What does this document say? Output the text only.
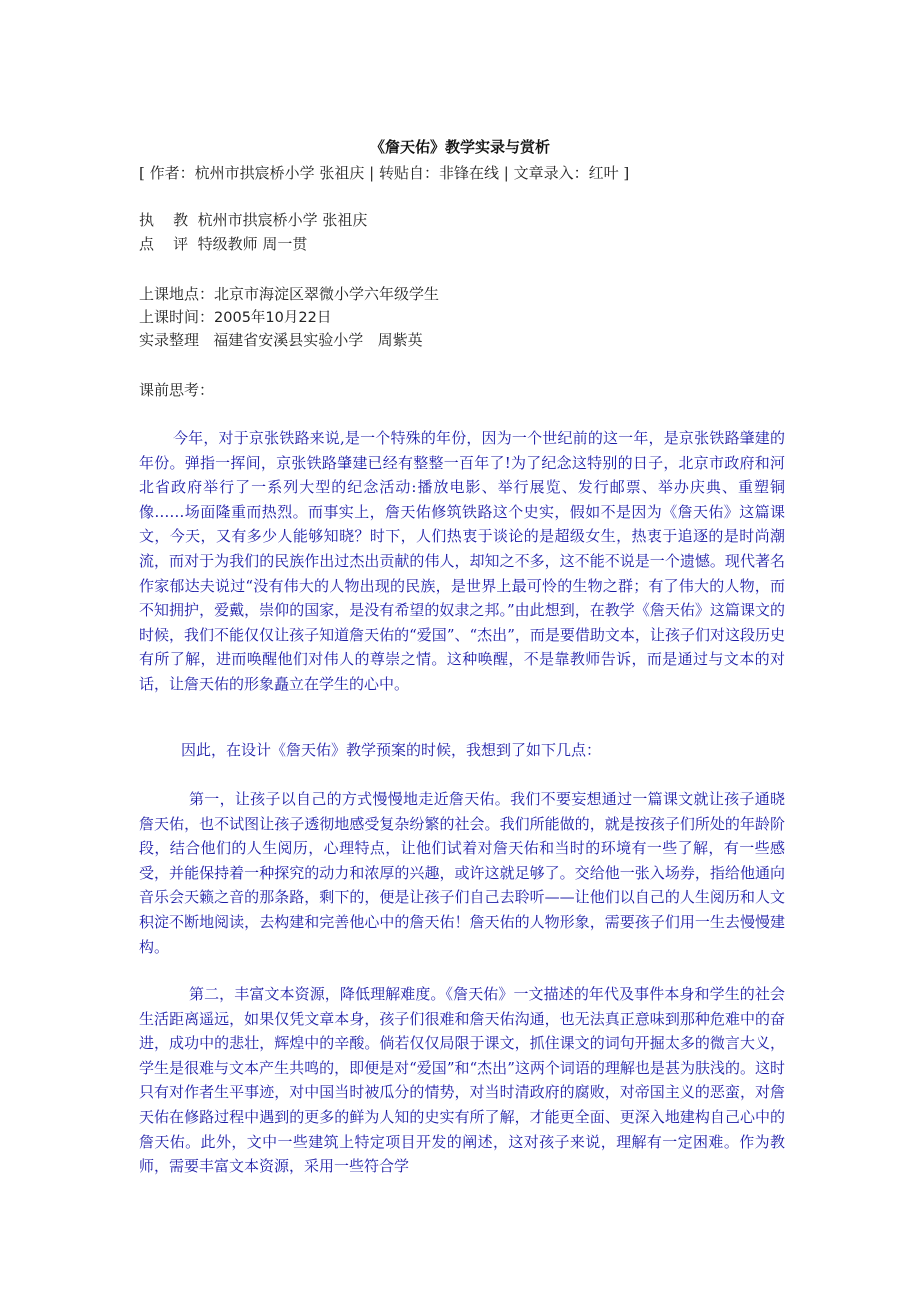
《詹天佑》教学实录与赏析
[ 作者：杭州市拱宸桥小学 张祖庆 | 转贴自：非锋在线 | 文章录入：红叶 ]
执    教 杭州市拱宸桥小学 张祖庆
点    评 特级教师 周一贯
上课地点：北京市海淀区翠微小学六年级学生
上课时间：2005年10月22日
实录整理   福建省安溪县实验小学   周紫英
课前思考：

今年，对于京张铁路来说,是一个特殊的年份，因为一个世纪前的这一年，是京张铁路肇建的年份。弹指一挥间，京张铁路肇建已经有整整一百年了!为了纪念这特别的日子，北京市政府和河北省政府举行了一系列大型的纪念活动:播放电影、举行展览、发行邮票、举办庆典、重塑铜像……场面隆重而热烈。而事实上，詹天佑修筑铁路这个史实，假如不是因为《詹天佑》这篇课文，今天，又有多少人能够知晓？时下，人们热衷于谈论的是超级女生，热衷于追逐的是时尚潮流，而对于为我们的民族作出过杰出贡献的伟人，却知之不多，这不能不说是一个遗憾。现代著名作家郁达夫说过“没有伟大的人物出现的民族，是世界上最可怜的生物之群；有了伟大的人物，而不知拥护，爱戴，崇仰的国家，是没有希望的奴隶之邦。”由此想到，在教学《詹天佑》这篇课文的时候，我们不能仅仅让孩子知道詹天佑的“爱国”、“杰出”，而是要借助文本，让孩子们对这段历史有所了解，进而唤醒他们对伟人的尊崇之情。这种唤醒，不是靠教师告诉，而是通过与文本的对话，让詹天佑的形象矗立在学生的心中。

因此，在设计《詹天佑》教学预案的时候，我想到了如下几点：

第一，让孩子以自己的方式慢慢地走近詹天佑。我们不要妄想通过一篇课文就让孩子通晓詹天佑，也不试图让孩子透彻地感受复杂纷繁的社会。我们所能做的，就是按孩子们所处的年龄阶段，结合他们的人生阅历，心理特点，让他们试着对詹天佑和当时的环境有一些了解，有一些感受，并能保持着一种探究的动力和浓厚的兴趣，或许这就足够了。交给他一张入场券，指给他通向音乐会天籁之音的那条路，剩下的，便是让孩子们自己去聆听——让他们以自己的人生阅历和人文积淀不断地阅读，去构建和完善他心中的詹天佑！詹天佑的人物形象，需要孩子们用一生去慢慢建构。

第二，丰富文本资源，降低理解难度。《詹天佑》一文描述的年代及事件本身和学生的社会生活距离遥远，如果仅凭文章本身，孩子们很难和詹天佑沟通，也无法真正意味到那种危难中的奋进，成功中的悲壮，辉煌中的辛酸。倘若仅仅局限于课文，抓住课文的词句开掘太多的微言大义，学生是很难与文本产生共鸣的，即便是对“爱国”和“杰出”这两个词语的理解也是甚为肤浅的。这时只有对作者生平事迹，对中国当时被瓜分的情势，对当时清政府的腐败，对帝国主义的恶蛮，对詹天佑在修路过程中遇到的更多的鲜为人知的史实有所了解，才能更全面、更深入地建构自己心中的詹天佑。此外，文中一些建筑上特定项目开发的阐述，这对孩子来说，理解有一定困难。作为教师，需要丰富文本资源，采用一些符合学
